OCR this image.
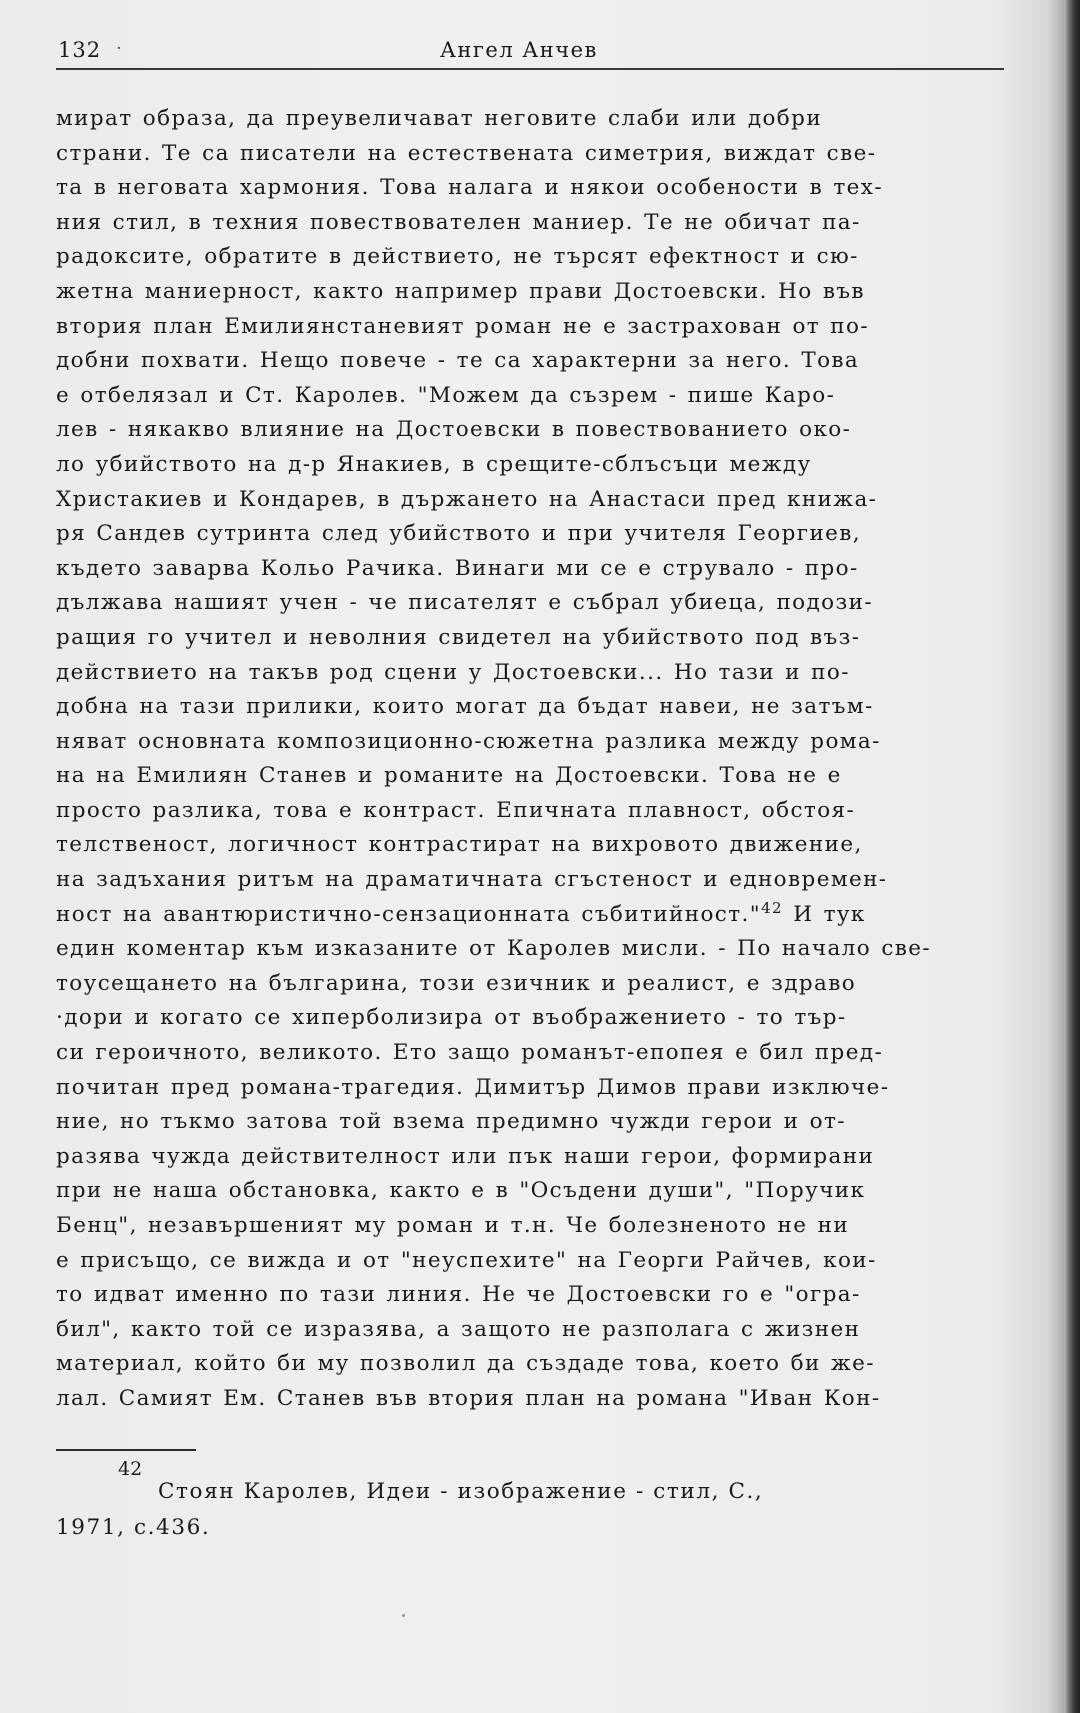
132 ·	Ангел Анчев
мират образа, да преувеличават неговите слаби или добри
страни. Те са писатели на естествената симетрия, виждат све-
та в неговата хармония. Това налага и някои особености в тех-
ния стил, в техния повествователен маниер. Те не обичат па-
радоксите, обратите в действието, не търсят ефектност и сю-
жетна маниерност, както например прави Достоевски. Но във
втория план Емилиянстаневият роман не е застрахован от по-
добни похвати. Нещо повече - те са характерни за него. Това
е отбелязал и Ст. Каролев. "Можем да съзрем - пише Каро-
лев - някакво влияние на Достоевски в повествованието око-
ло убийството на д-р Янакиев, в срещите-сблъсъци между
Христакиев и Кондарев, в държането на Анастаси пред книжа-
ря Сандев сутринта след убийството и при учителя Георгиев,
където заварва Кольо Рачика. Винаги ми се е струвало - про-
дължава нашият учен - че писателят е събрал убиеца, подози-
ращия го учител и неволния свидетел на убийството под въз-
действието на такъв род сцени у Достоевски... Но тази и по-
добна на тази прилики, които могат да бъдат навеи, не затъм-
няват основната композиционно-сюжетна разлика между рома-
на на Емилиян Станев и романите на Достоевски. Това не е
просто разлика, това е контраст. Епичната плавност, обстоя-
телственост, логичност контрастират на вихровото движение,
на задъхания ритъм на драматичната сгъстеност и едновремен-
ност на авантюристично-сензационната събитийност."$^{42}$ И тук
един коментар към изказаните от Каролев мисли. - По начало све-
тоусещането на българина, този езичник и реалист, е здраво
·дори и когато се хиперболизира от въображението - то тър-
си героичното, великото. Ето защо романът-епопея е бил пред-
почитан пред романа-трагедия. Димитър Димов прави изключе-
ние, но тъкмо затова той взема предимно чужди герои и от-
разява чужда действителност или пък наши герои, формирани
при не наша обстановка, както е в "Осъдени души", "Поручик
Бенц", незавършеният му роман и т.н. Че болезненото не ни
е присъщо, се вижда и от "неуспехите" на Георги Райчев, кои-
то идват именно по тази линия. Не че Достоевски го е "огра-
бил", както той се изразява, а защото не разполага с жизнен
материал, който би му позволил да създаде това, което би же-
лал. Самият Ем. Станев във втория план на романа "Иван Кон-
42
Стоян Каролев, Идеи - изображение - стил, С.,
1971, с.436.
